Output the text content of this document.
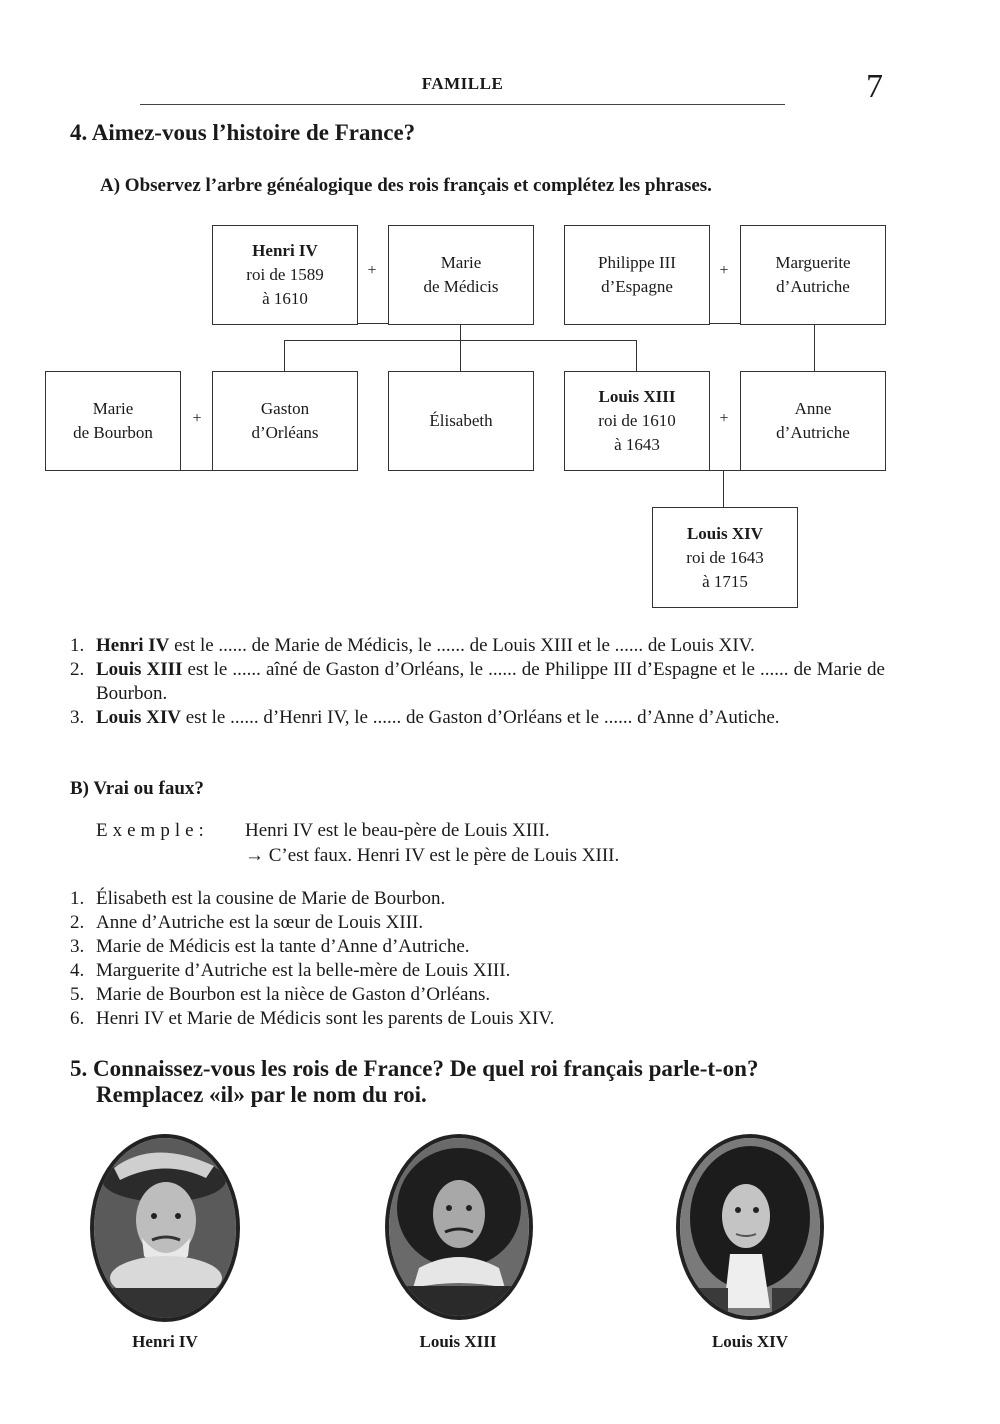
FAMILLE	7
4. Aimez-vous l’histoire de France?
A) Observez l’arbre généalogique des rois français et complétez les phrases.
Henri IV
roi de 1589
à 1610
+	Marie
de Médicis
Philippe III
d’Espagne
+	Marguerite
d’Autriche
Marie
de Bourbon
+
Gaston
d’Orléans
Élisabeth
Louis XIII
roi de 1610
à 1643
+
Anne
d’Autriche
Louis XIV
roi de 1643
à 1715
1. Henri IV est le ...... de Marie de Médicis, le ...... de Louis XIII et le ...... de Louis XIV.
2. Louis XIII est le ...... aîné de Gaston d’Orléans, le ...... de Philippe III d’Espagne et le ...... de Marie de Bourbon.
3. Louis XIV est le ...... d’Henri IV, le ...... de Gaston d’Orléans et le ...... d’Anne d’Autiche.
B) Vrai ou faux?
Exemple: Henri IV est le beau-père de Louis XIII.
→ C’est faux. Henri IV est le père de Louis XIII.
1. Élisabeth est la cousine de Marie de Bourbon.
2. Anne d’Autriche est la sœur de Louis XIII.
3. Marie de Médicis est la tante d’Anne d’Autriche.
4. Marguerite d’Autriche est la belle-mère de Louis XIII.
5. Marie de Bourbon est la nièce de Gaston d’Orléans.
6. Henri IV et Marie de Médicis sont les parents de Louis XIV.
5. Connaissez-vous les rois de France? De quel roi français parle-t-on?
Remplacez «il» par le nom du roi.
Henri IV	Louis XIII	Louis XIV
